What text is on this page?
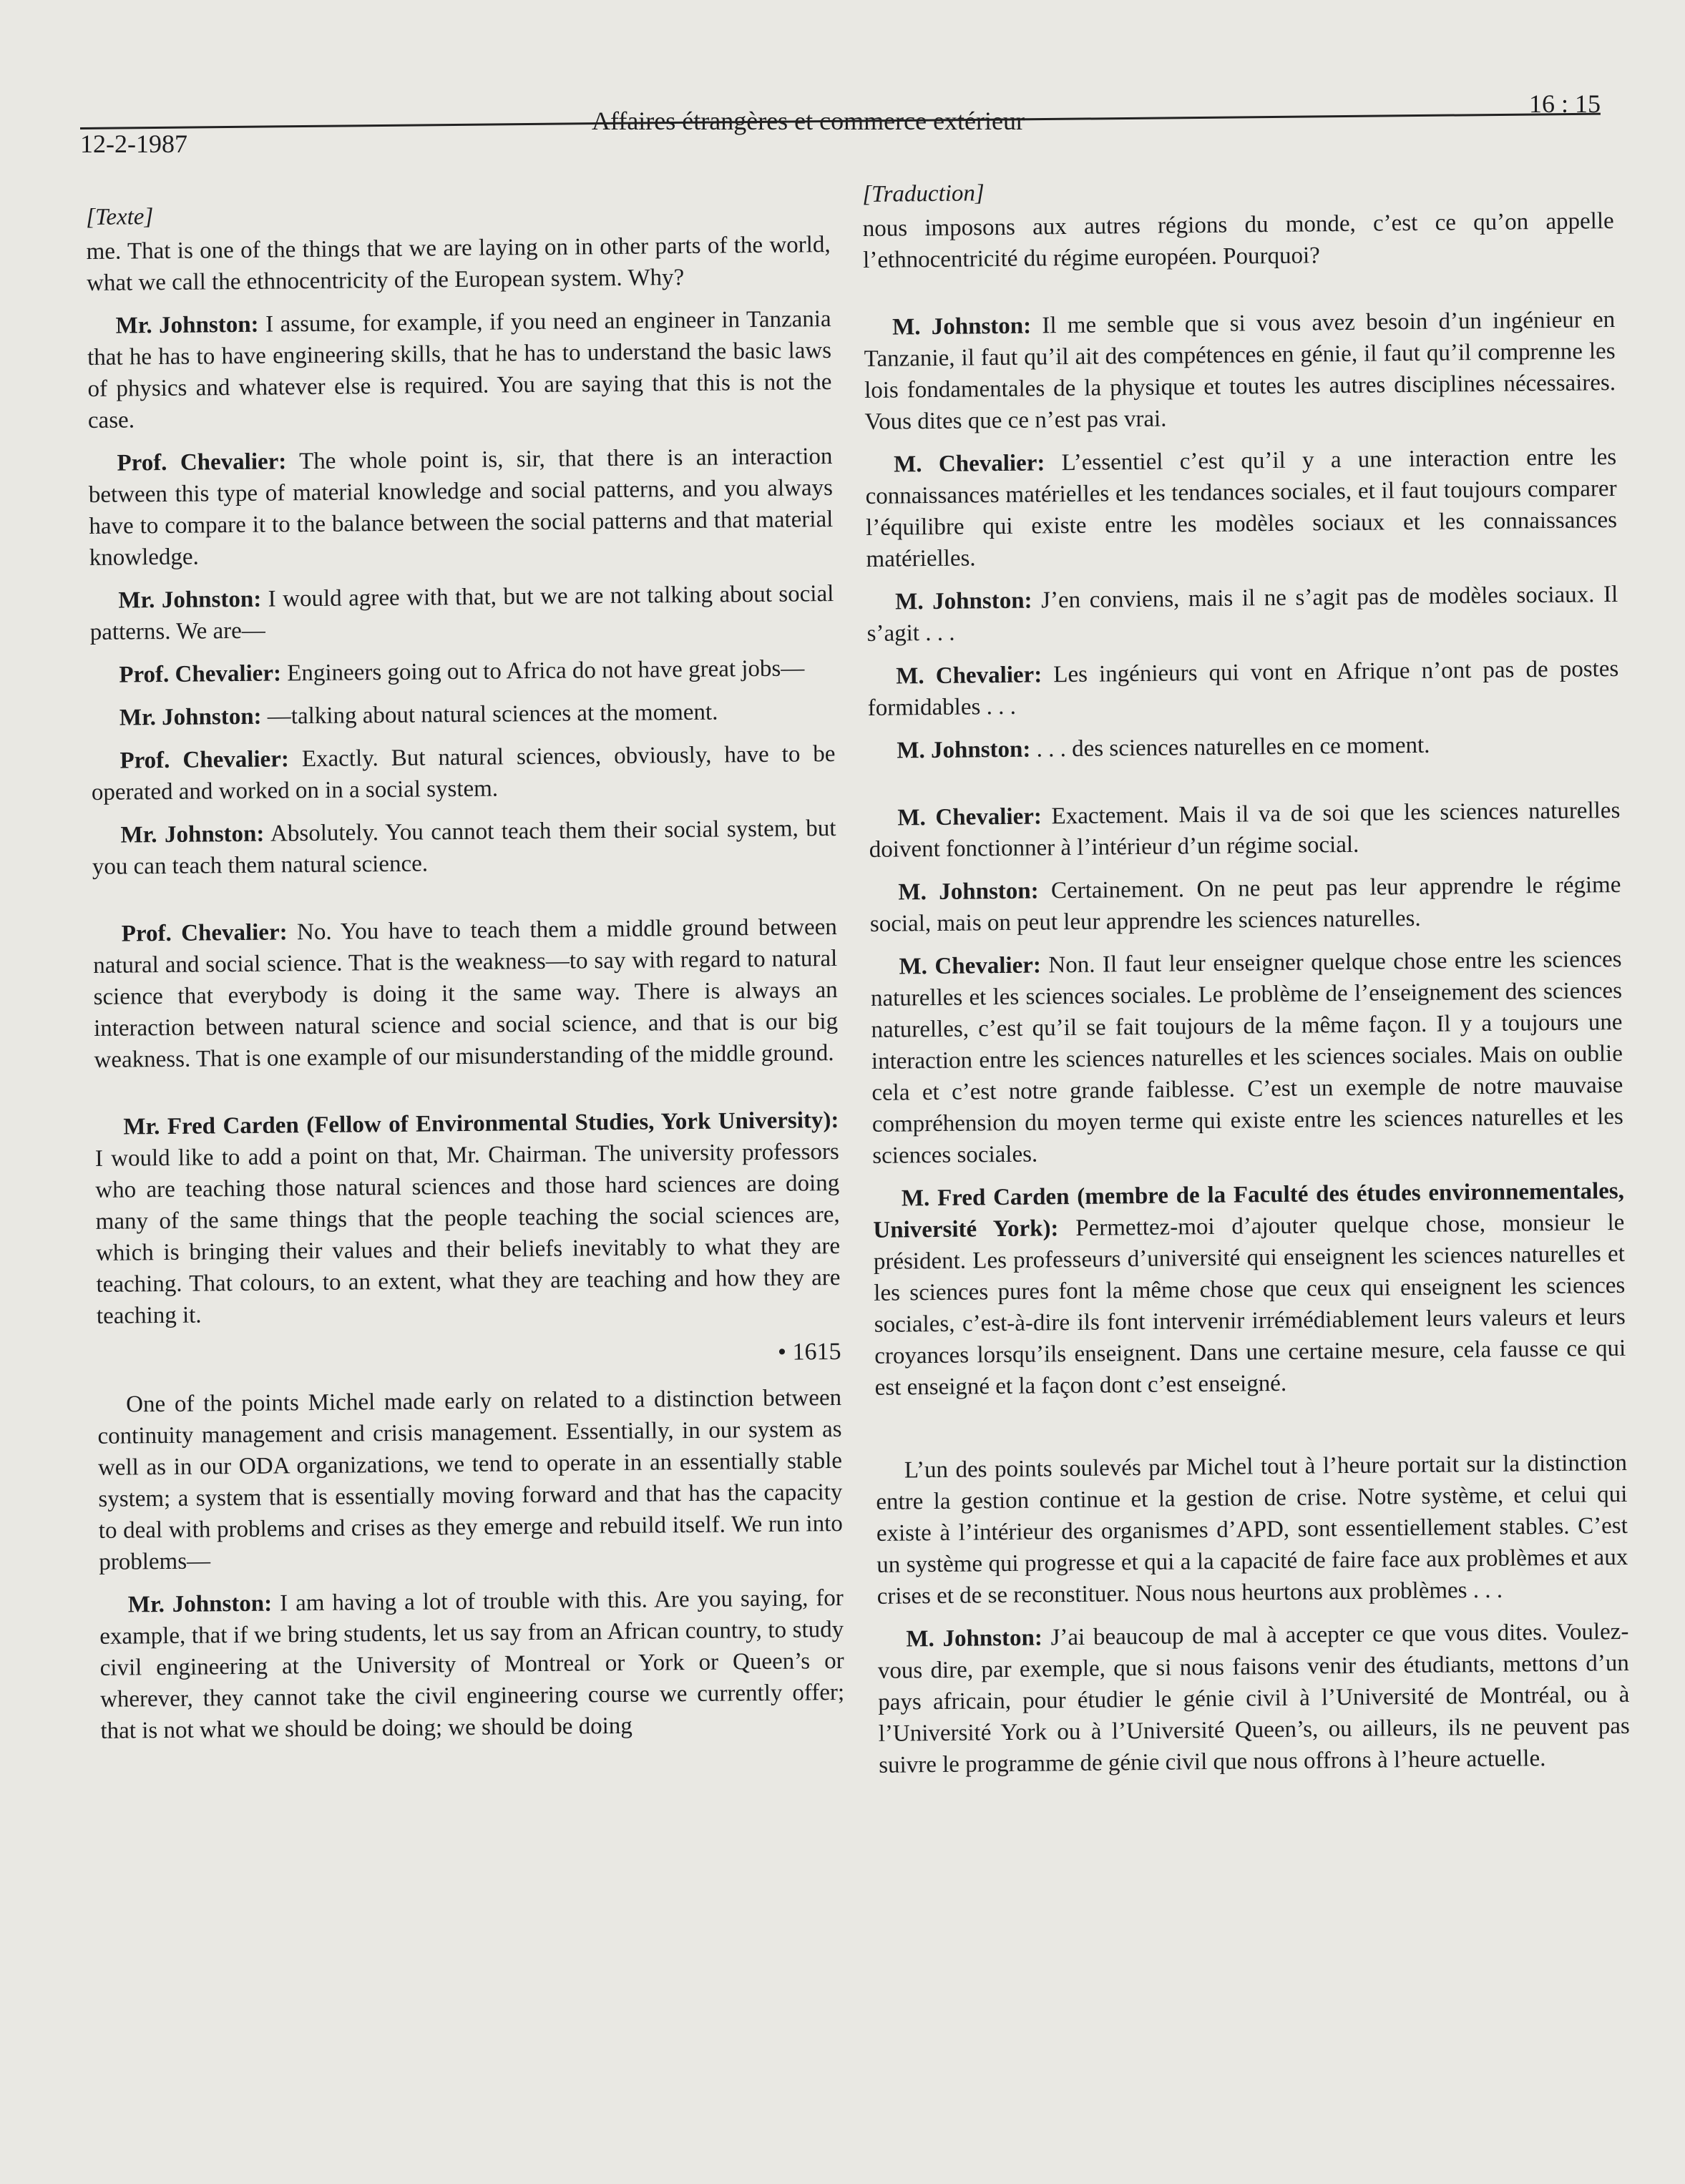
12-2-1987
Affaires étrangères et commerce extérieur
16 : 15
[Texte]

me. That is one of the things that we are laying on in other parts of the world, what we call the ethnocentricity of the European system. Why?

Mr. Johnston: I assume, for example, if you need an engineer in Tanzania that he has to have engineering skills, that he has to understand the basic laws of physics and whatever else is required. You are saying that this is not the case.

Prof. Chevalier: The whole point is, sir, that there is an interaction between this type of material knowledge and social patterns, and you always have to compare it to the balance between the social patterns and that material knowledge.

Mr. Johnston: I would agree with that, but we are not talking about social patterns. We are—

Prof. Chevalier: Engineers going out to Africa do not have great jobs—

Mr. Johnston: —talking about natural sciences at the moment.

Prof. Chevalier: Exactly. But natural sciences, obviously, have to be operated and worked on in a social system.

Mr. Johnston: Absolutely. You cannot teach them their social system, but you can teach them natural science.

Prof. Chevalier: No. You have to teach them a middle ground between natural and social science. That is the weakness—to say with regard to natural science that everybody is doing it the same way. There is always an interaction between natural science and social science, and that is our big weakness. That is one example of our misunderstanding of the middle ground.

Mr. Fred Carden (Fellow of Environmental Studies, York University): I would like to add a point on that, Mr. Chairman. The university professors who are teaching those natural sciences and those hard sciences are doing many of the same things that the people teaching the social sciences are, which is bringing their values and their beliefs inevitably to what they are teaching. That colours, to an extent, what they are teaching and how they are teaching it.

• 1615

One of the points Michel made early on related to a distinction between continuity management and crisis management. Essentially, in our system as well as in our ODA organizations, we tend to operate in an essentially stable system; a system that is essentially moving forward and that has the capacity to deal with problems and crises as they emerge and rebuild itself. We run into problems—

Mr. Johnston: I am having a lot of trouble with this. Are you saying, for example, that if we bring students, let us say from an African country, to study civil engineering at the University of Montreal or York or Queen’s or wherever, they cannot take the civil engineering course we currently offer; that is not what we should be doing; we should be doing

[Traduction]

nous imposons aux autres régions du monde, c’est ce qu’on appelle l’ethnocentricité du régime européen. Pourquoi?

M. Johnston: Il me semble que si vous avez besoin d’un ingénieur en Tanzanie, il faut qu’il ait des compétences en génie, il faut qu’il comprenne les lois fondamentales de la physique et toutes les autres disciplines nécessaires. Vous dites que ce n’est pas vrai.

M. Chevalier: L’essentiel c’est qu’il y a une interaction entre les connaissances matérielles et les tendances sociales, et il faut toujours comparer l’équilibre qui existe entre les modèles sociaux et les connaissances matérielles.

M. Johnston: J’en conviens, mais il ne s’agit pas de modèles sociaux. Il s’agit . . .

M. Chevalier: Les ingénieurs qui vont en Afrique n’ont pas de postes formidables . . .

M. Johnston: . . . des sciences naturelles en ce moment.

M. Chevalier: Exactement. Mais il va de soi que les sciences naturelles doivent fonctionner à l’intérieur d’un régime social.

M. Johnston: Certainement. On ne peut pas leur apprendre le régime social, mais on peut leur apprendre les sciences naturelles.

M. Chevalier: Non. Il faut leur enseigner quelque chose entre les sciences naturelles et les sciences sociales. Le problème de l’enseignement des sciences naturelles, c’est qu’il se fait toujours de la même façon. Il y a toujours une interaction entre les sciences naturelles et les sciences sociales. Mais on oublie cela et c’est notre grande faiblesse. C’est un exemple de notre mauvaise compréhension du moyen terme qui existe entre les sciences naturelles et les sciences sociales.

M. Fred Carden (membre de la Faculté des études environnementales, Université York): Permettez-moi d’ajouter quelque chose, monsieur le président. Les professeurs d’université qui enseignent les sciences naturelles et les sciences pures font la même chose que ceux qui enseignent les sciences sociales, c’est-à-dire ils font intervenir irrémédiablement leurs valeurs et leurs croyances lorsqu’ils enseignent. Dans une certaine mesure, cela fausse ce qui est enseigné et la façon dont c’est enseigné.

L’un des points soulevés par Michel tout à l’heure portait sur la distinction entre la gestion continue et la gestion de crise. Notre système, et celui qui existe à l’intérieur des organismes d’APD, sont essentiellement stables. C’est un système qui progresse et qui a la capacité de faire face aux problèmes et aux crises et de se reconstituer. Nous nous heurtons aux problèmes . . .

M. Johnston: J’ai beaucoup de mal à accepter ce que vous dites. Voulez-vous dire, par exemple, que si nous faisons venir des étudiants, mettons d’un pays africain, pour étudier le génie civil à l’Université de Montréal, ou à l’Université York ou à l’Université Queen’s, ou ailleurs, ils ne peuvent pas suivre le programme de génie civil que nous offrons à l’heure actuelle.
